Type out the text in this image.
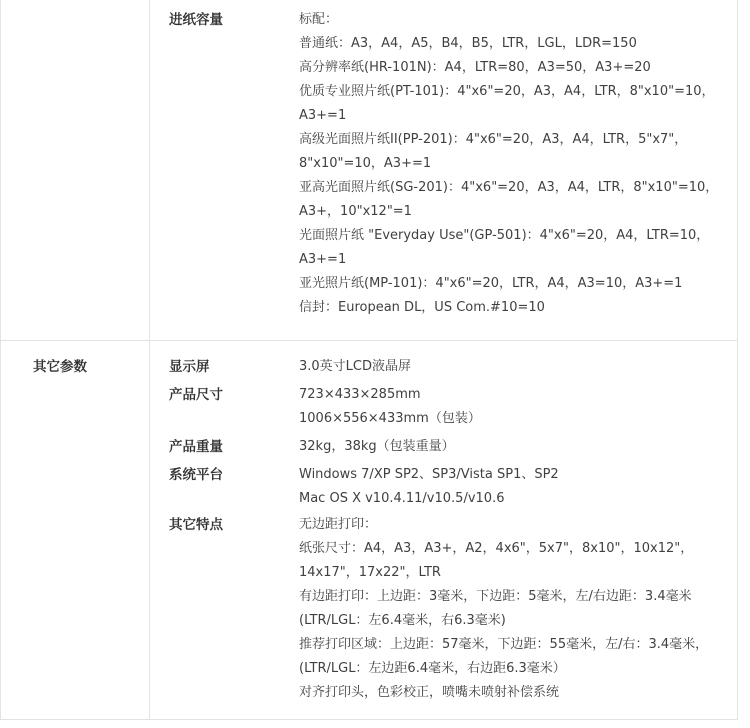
进纸容量	标配：
普通纸：A3，A4，A5，B4，B5，LTR，LGL，LDR=150
高分辨率纸(HR-101N)：A4，LTR=80，A3=50，A3+=20
优质专业照片纸(PT-101)：4"x6"=20，A3，A4，LTR，8"x10"=10，
A3+=1
高级光面照片纸II(PP-201)：4"x6"=20，A3，A4，LTR，5"x7"，
8"x10"=10，A3+=1
亚高光面照片纸(SG-201)：4"x6"=20，A3，A4，LTR，8"x10"=10，
A3+，10"x12"=1
光面照片纸 "Everyday Use"(GP-501)：4"x6"=20，A4，LTR=10，
A3+=1
亚光照片纸(MP-101)：4"x6"=20，LTR，A4，A3=10，A3+=1
信封：European DL，US Com.#10=10
其它参数	显示屏	3.0英寸LCD液晶屏
产品尺寸	723×433×285mm
1006×556×433mm（包装）
产品重量	32kg，38kg（包装重量）
系统平台	Windows 7/XP SP2、SP3/Vista SP1、SP2
Mac OS X v10.4.11/v10.5/v10.6
其它特点	无边距打印：
纸张尺寸：A4，A3，A3+，A2，4x6"，5x7"，8x10"，10x12"，
14x17"，17x22"，LTR
有边距打印：上边距：3毫米，下边距：5毫米，左/右边距：3.4毫米
(LTR/LGL：左6.4毫米，右6.3毫米)
推荐打印区域：上边距：57毫米，下边距：55毫米，左/右：3.4毫米，
(LTR/LGL：左边距6.4毫米，右边距6.3毫米）
对齐打印头，色彩校正，喷嘴未喷射补偿系统
